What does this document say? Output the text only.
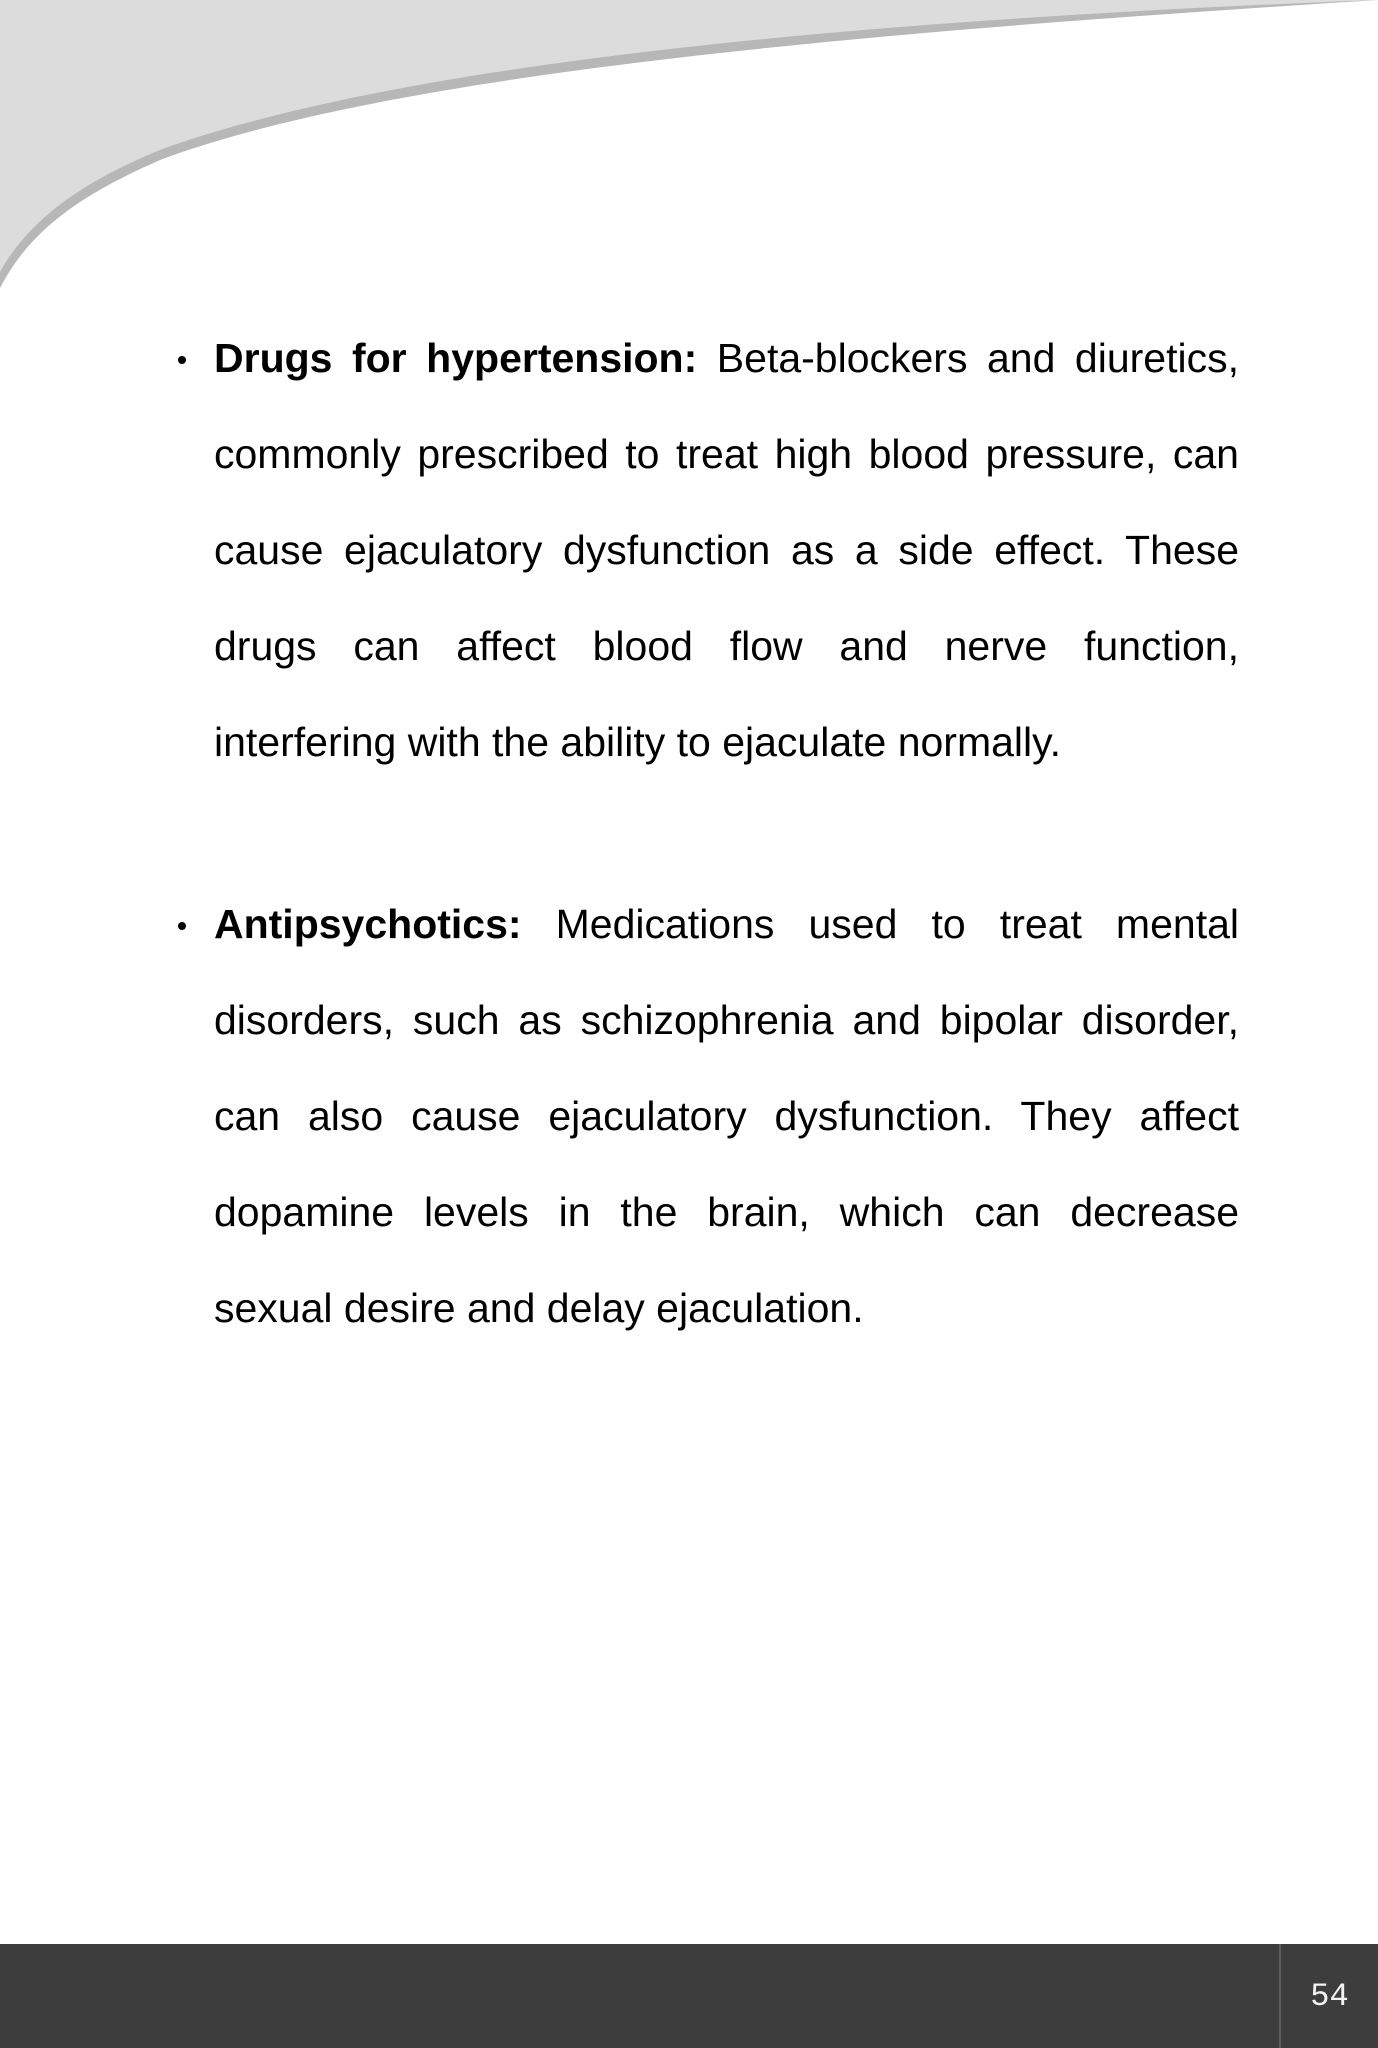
Drugs for hypertension: Beta-blockers and diuretics, commonly prescribed to treat high blood pressure, can cause ejaculatory dysfunction as a side effect. These drugs can affect blood flow and nerve function, interfering with the ability to ejaculate normally.
Antipsychotics: Medications used to treat mental disorders, such as schizophrenia and bipolar disorder, can also cause ejaculatory dysfunction. They affect dopamine levels in the brain, which can decrease sexual desire and delay ejaculation.
54
